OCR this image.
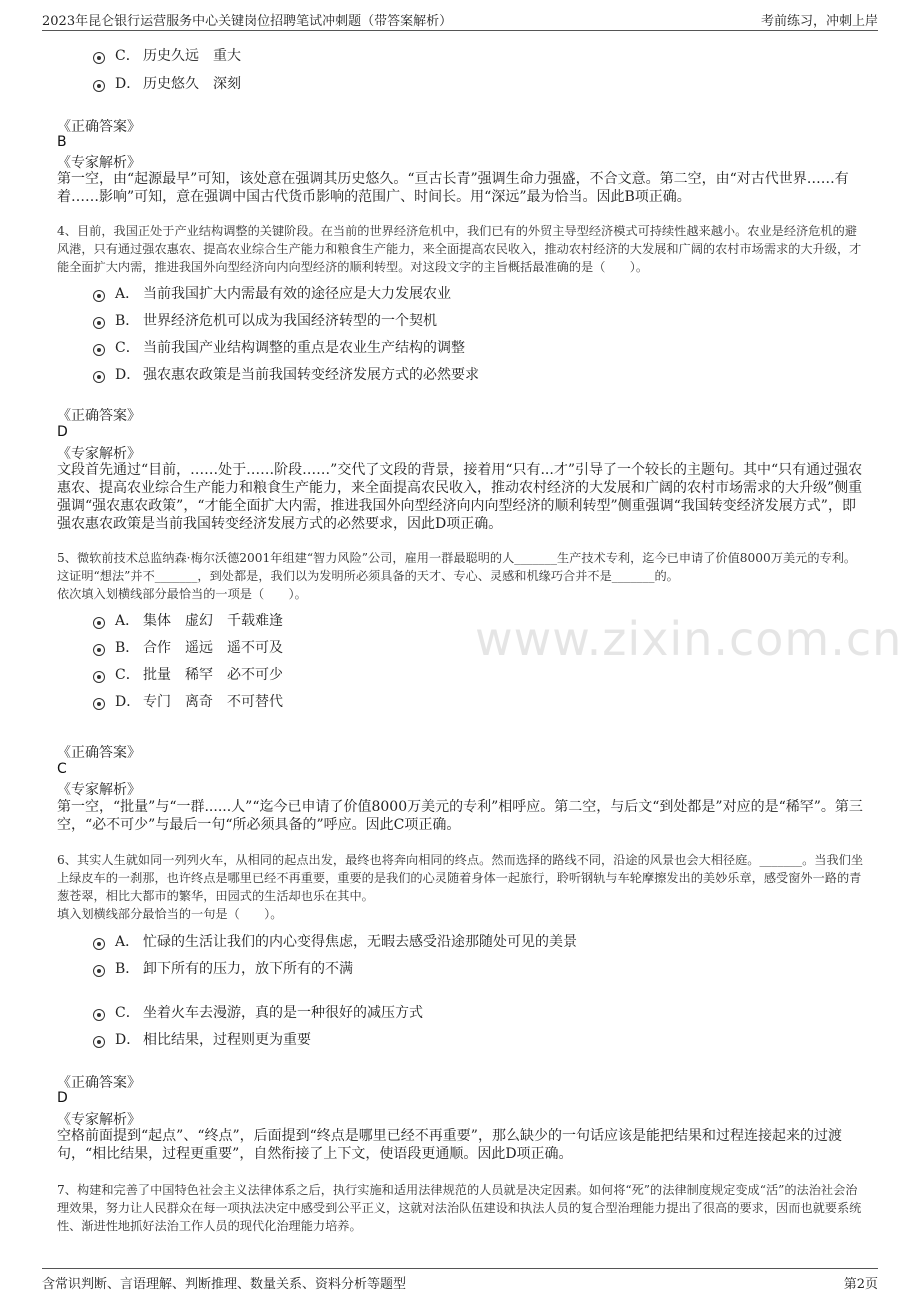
2023年昆仑银行运营服务中心关键岗位招聘笔试冲刺题（带答案解析）	考前练习，冲刺上岸
C． 历史久远 重大
D． 历史悠久 深刻
《正确答案》
B
《专家解析》
第一空，由“起源最早”可知，该处意在强调其历史悠久。“亘古长青”强调生命力强盛，不合文意。第二空，由“对古代世界……有着……影响”可知，意在强调中国古代货币影响的范围广、时间长。用“深远”最为恰当。因此B项正确。

4、目前，我国正处于产业结构调整的关键阶段。在当前的世界经济危机中，我们已有的外贸主导型经济模式可持续性越来越小。农业是经济危机的避风港，只有通过强农惠农、提高农业综合生产能力和粮食生产能力，来全面提高农民收入，推动农村经济的大发展和广阔的农村市场需求的大升级，才能全面扩大内需，推进我国外向型经济向内向型经济的顺利转型。对这段文字的主旨概括最准确的是（　　）。

A． 当前我国扩大内需最有效的途径应是大力发展农业
B． 世界经济危机可以成为我国经济转型的一个契机
C． 当前我国产业结构调整的重点是农业生产结构的调整
D． 强农惠农政策是当前我国转变经济发展方式的必然要求
《正确答案》
D
《专家解析》
文段首先通过“目前，……处于……阶段……”交代了文段的背景，接着用“只有...才”引导了一个较长的主题句。其中“只有通过强农惠农、提高农业综合生产能力和粮食生产能力，来全面提高农民收入，推动农村经济的大发展和广阔的农村市场需求的大升级”侧重强调“强农惠农政策”，“才能全面扩大内需，推进我国外向型经济向内向型经济的顺利转型”侧重强调“我国转变经济发展方式”，即强农惠农政策是当前我国转变经济发展方式的必然要求，因此D项正确。

5、微软前技术总监纳森·梅尔沃德2001年组建“智力风险”公司，雇用一群最聪明的人_______生产技术专利，迄今已申请了价值8000万美元的专利。这证明“想法”并不_______，到处都是，我们以为发明所必须具备的天才、专心、灵感和机缘巧合并不是_______的。

依次填入划横线部分最恰当的一项是（　　）。

A． 集体 虚幻 千载难逢
B． 合作 遥远 遥不可及
C． 批量 稀罕 必不可少
D． 专门 离奇 不可替代
www.zixin.com.cn
《正确答案》
C
《专家解析》
第一空，“批量”与“一群......人”“迄今已申请了价值8000万美元的专利”相呼应。第二空，与后文“到处都是”对应的是“稀罕”。第三空，“必不可少”与最后一句“所必须具备的”呼应。因此C项正确。

6、其实人生就如同一列列火车，从相同的起点出发，最终也将奔向相同的终点。然而选择的路线不同，沿途的风景也会大相径庭。_______。当我们坐上绿皮车的一刹那，也许终点是哪里已经不再重要，重要的是我们的心灵随着身体一起旅行，聆听钢轨与车轮摩擦发出的美妙乐章，感受窗外一路的青葱苍翠，相比大都市的繁华，田园式的生活却也乐在其中。

填入划横线部分最恰当的一句是（　　）。

A． 忙碌的生活让我们的内心变得焦虑，无暇去感受沿途那随处可见的美景
B． 卸下所有的压力，放下所有的不满
C． 坐着火车去漫游，真的是一种很好的减压方式
D． 相比结果，过程则更为重要
《正确答案》
D
《专家解析》
空格前面提到“起点”、“终点”，后面提到“终点是哪里已经不再重要”，那么缺少的一句话应该是能把结果和过程连接起来的过渡句，“相比结果，过程更重要”，自然衔接了上下文，使语段更通顺。因此D项正确。

7、构建和完善了中国特色社会主义法律体系之后，执行实施和适用法律规范的人员就是决定因素。如何将“死”的法律制度规定变成“活”的法治社会治理效果，努力让人民群众在每一项执法决定中感受到公平正义，这就对法治队伍建设和执法人员的复合型治理能力提出了很高的要求，因而也就要系统性、渐进性地抓好法治工作人员的现代化治理能力培养。

含常识判断、言语理解、判断推理、数量关系、资料分析等题型	第2页
